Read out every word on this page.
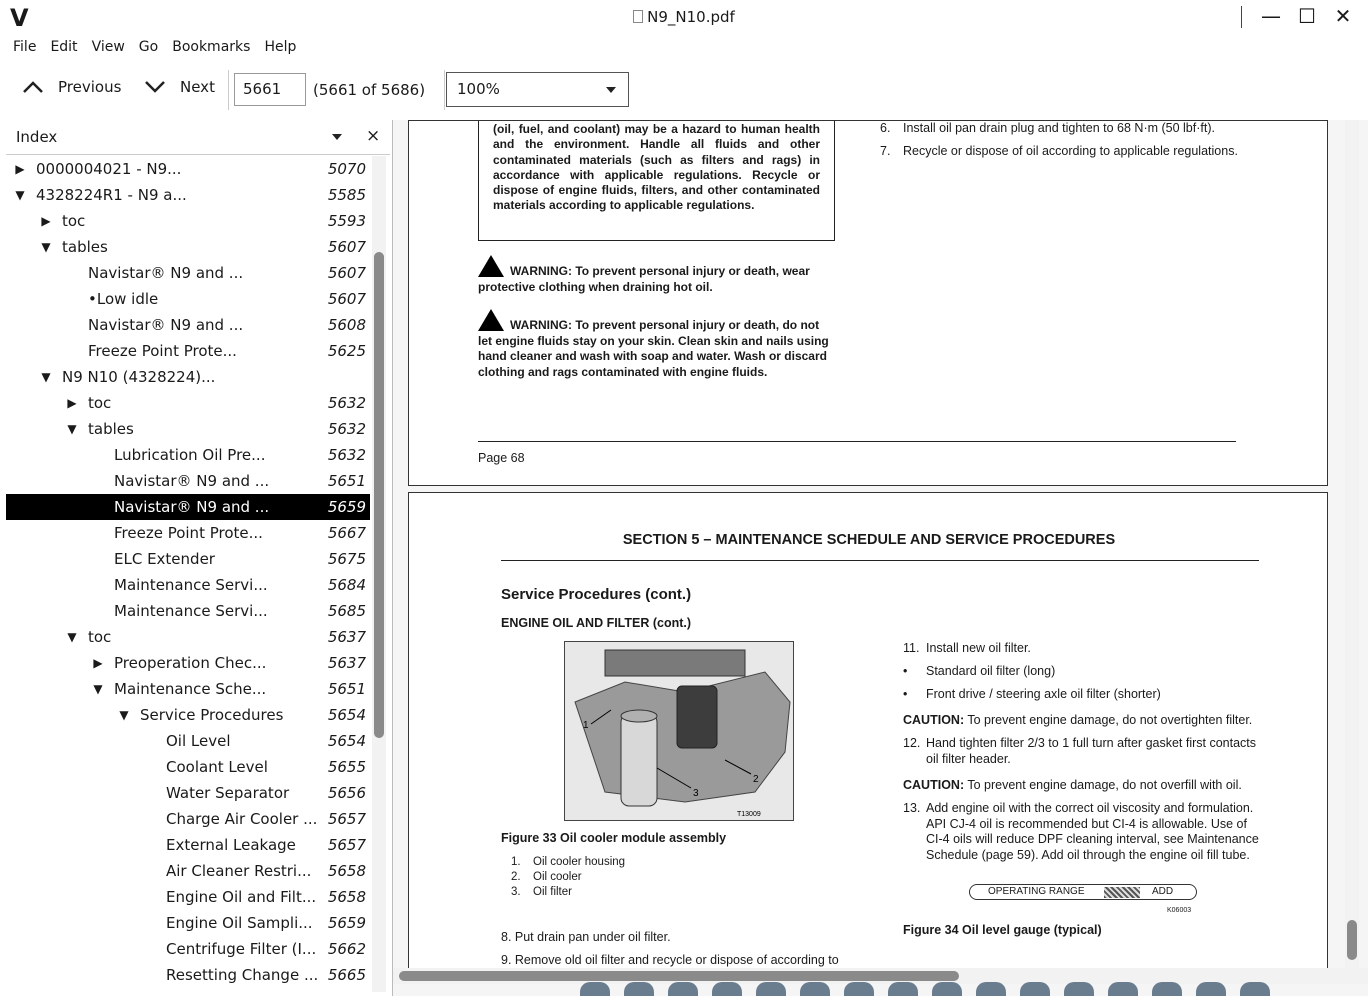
V	N9_N10.pdf	— ☐ ✕
File Edit View Go Bookmarks Help
Previous	Next	5661	(5661 of 5686)	100%
Index	×
▶ 0000004021 - N9...	5070
▼ 4328224R1 - N9 a...	5585
▶ toc	5593
▼ tables	5607
Navistar® N9 and ...	5607
•Low idle	5607
Navistar® N9 and ...	5608
Freeze Point Prote...	5625
▼ N9 N10 (4328224)...
▶ toc	5632
▼ tables	5632
Lubrication Oil Pre...	5632
Navistar® N9 and ...	5651
Navistar® N9 and ...	5659
Freeze Point Prote...	5667
ELC Extender	5675
Maintenance Servi...	5684
Maintenance Servi...	5685
▼ toc	5637
▶ Preoperation Chec...	5637
▼ Maintenance Sche...	5651
▼ Service Procedures	5654
Oil Level	5654
Coolant Level	5655
Water Separator	5656
Charge Air Cooler ... 5657
External Leakage 5657
Air Cleaner Restri... 5658
Engine Oil and Filt... 5658
Engine Oil Sampli... 5659
Centrifuge Filter (I... 5662
Resetting Change ... 5665
(oil, fuel, and coolant) may be a hazard to human health and the environment. Handle all fluids and other contaminated materials (such as filters and rags) in accordance with applicable regulations. Recycle or dispose of engine fluids, filters, and other contaminated materials according to applicable regulations.
WARNING: To prevent personal injury or death, wear protective clothing when draining hot oil.
WARNING: To prevent personal injury or death, do not let engine fluids stay on your skin. Clean skin and nails using hand cleaner and wash with soap and water. Wash or discard clothing and rags contaminated with engine fluids.
6. Install oil pan drain plug and tighten to 68 N·m (50 lbf·ft).
7. Recycle or dispose of oil according to applicable regulations.
Page 68
SECTION 5 – MAINTENANCE SCHEDULE AND SERVICE PROCEDURES
Service Procedures (cont.)
ENGINE OIL AND FILTER (cont.)
1
2
3
T13009
Figure 33 Oil cooler module assembly
1. Oil cooler housing
2. Oil cooler
3. Oil filter
8. Put drain pan under oil filter.
9. Remove old oil filter and recycle or dispose of according to
11. Install new oil filter.
• Standard oil filter (long)
• Front drive / steering axle oil filter (shorter)
CAUTION: To prevent engine damage, do not overtighten filter.
12. Hand tighten filter 2/3 to 1 full turn after gasket first contacts oil filter header.
CAUTION: To prevent engine damage, do not overfill with oil.
13. Add engine oil with the correct oil viscosity and formulation. API CJ-4 oil is recommended but CI-4 is allowable. Use of CI-4 oils will reduce DPF cleaning interval, see Maintenance Schedule (page 59). Add oil through the engine oil fill tube.
OPERATING RANGE	ADD
K06003
Figure 34 Oil level gauge (typical)
